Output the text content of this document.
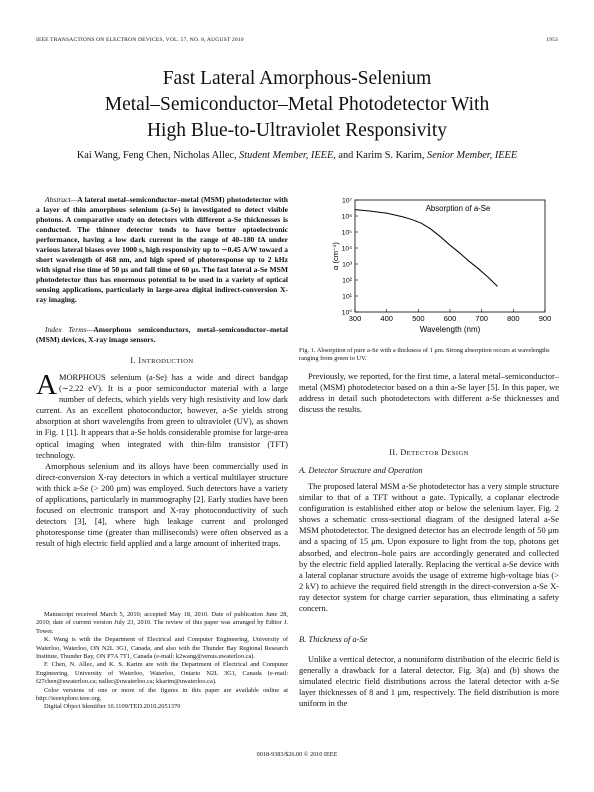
IEEE TRANSACTIONS ON ELECTRON DEVICES, VOL. 57, NO. 8, AUGUST 2010	1953
Fast Lateral Amorphous-Selenium
Metal–Semiconductor–Metal Photodetector With
High Blue-to-Ultraviolet Responsivity
Kai Wang, Feng Chen, Nicholas Allec, Student Member, IEEE, and Karim S. Karim, Senior Member, IEEE
Abstract—A lateral metal–semiconductor–metal (MSM) photodetector with a layer of thin amorphous selenium (a-Se) is investigated to detect visible photons. A comparative study on detectors with different a-Se thicknesses is conducted. The thinner detector tends to have better optoelectronic performance, having a low dark current in the range of 40–180 fA under various lateral biases over 1000 s, high responsivity up to ∼0.45 A/W toward a short wavelength of 468 nm, and high speed of photoresponse up to 2 kHz with signal rise time of 50 μs and fall time of 60 μs. The fast lateral a-Se MSM photodetector thus has enormous potential to be used in a variety of optical sensing applications, particularly in large-area digital indirect-conversion X-ray imaging.
Index Terms—Amorphous semiconductors, metal–semiconductor–metal (MSM) devices, X-ray image sensors.
I. INTRODUCTION

AMORPHOUS selenium (a-Se) has a wide and direct bandgap (∼2.22 eV). It is a poor semiconductor material with a large number of defects, which yields very high resistivity and low dark current. As an excellent photoconductor, however, a-Se yields strong absorption at short wavelengths from green to ultraviolet (UV), as shown in Fig. 1 [1]. It appears that a-Se holds considerable promise for large-area optical imaging when integrated with thin-film transistor (TFT) technology.

Amorphous selenium and its alloys have been commercially used in direct-conversion X-ray detectors in which a vertical multilayer structure with thick a-Se (> 200 μm) was employed. Such detectors have a variety of applications, particularly in mammography [2]. Early studies have been focused on electronic transport and X-ray photoconductivity of such detectors [3], [4], where high leakage current and prolonged photoresponse time (greater than milliseconds) were often observed as a result of high electric field applied and a large amount of inherited traps.

Manuscript received March 5, 2010; accepted May 18, 2010. Date of publication June 28, 2010; date of current version July 23, 2010. The review of this paper was arranged by Editor J. Tower.

K. Wang is with the Department of Electrical and Computer Engineering, University of Waterloo, Waterloo, ON N2L 3G1, Canada, and also with the Thunder Bay Regional Research Institute, Thunder Bay, ON P7A 7T1, Canada (e-mail: k2wang@venus.uwaterloo.ca).

F. Chen, N. Allec, and K. S. Karim are with the Department of Electrical and Computer Engineering, University of Waterloo, Waterloo, Ontario N2L 3G1, Canada (e-mail: f27chen@uwaterloo.ca; nallec@uwaterloo.ca; kkarim@uwaterloo.ca).

Color versions of one or more of the figures in this paper are available online at http://ieeexplore.ieee.org.

Digital Object Identifier 10.1109/TED.2010.2051370

300	400	500	600	700	800	900
10⁰
10¹
10²
10³
10⁴
10⁵
10⁶
10⁷
Wavelength (nm)
α (cm⁻¹)
Absorption of a-Se
Fig. 1. Absorption of pure a-Se with a thickness of 1 μm. Strong absorption occurs at wavelengths ranging from green to UV.

Previously, we reported, for the first time, a lateral metal–semiconductor–metal (MSM) photodetector based on a thin a-Se layer [5]. In this paper, we address in detail such photodetectors with different a-Se thicknesses and discuss the results.

II. DETECTOR DESIGN
A. Detector Structure and Operation

The proposed lateral MSM a-Se photodetector has a very simple structure similar to that of a TFT without a gate. Typically, a coplanar electrode configuration is established either atop or below the selenium layer. Fig. 2 shows a schematic cross-sectional diagram of the designed lateral a-Se MSM photodetector. The designed detector has an electrode length of 50 μm and a spacing of 15 μm. Upon exposure to light from the top, photons get absorbed, and electron–hole pairs are accordingly generated and collected by the electric field applied laterally. Replacing the vertical a-Se device with a lateral coplanar structure avoids the usage of extreme high-voltage bias (> 2 kV) to achieve the required field strength in the direct-conversion a-Se X-ray detector system for charge carrier separation, thus eliminating a safety concern.

B. Thickness of a-Se

Unlike a vertical detector, a nonuniform distribution of the electric field is generally a drawback for a lateral detector. Fig. 3(a) and (b) shows the simulated electric field distributions across the lateral detector with a-Se layer thicknesses of 8 and 1 μm, respectively. The field distribution is more uniform in the

0018-9383/$26.00 © 2010 IEEE
